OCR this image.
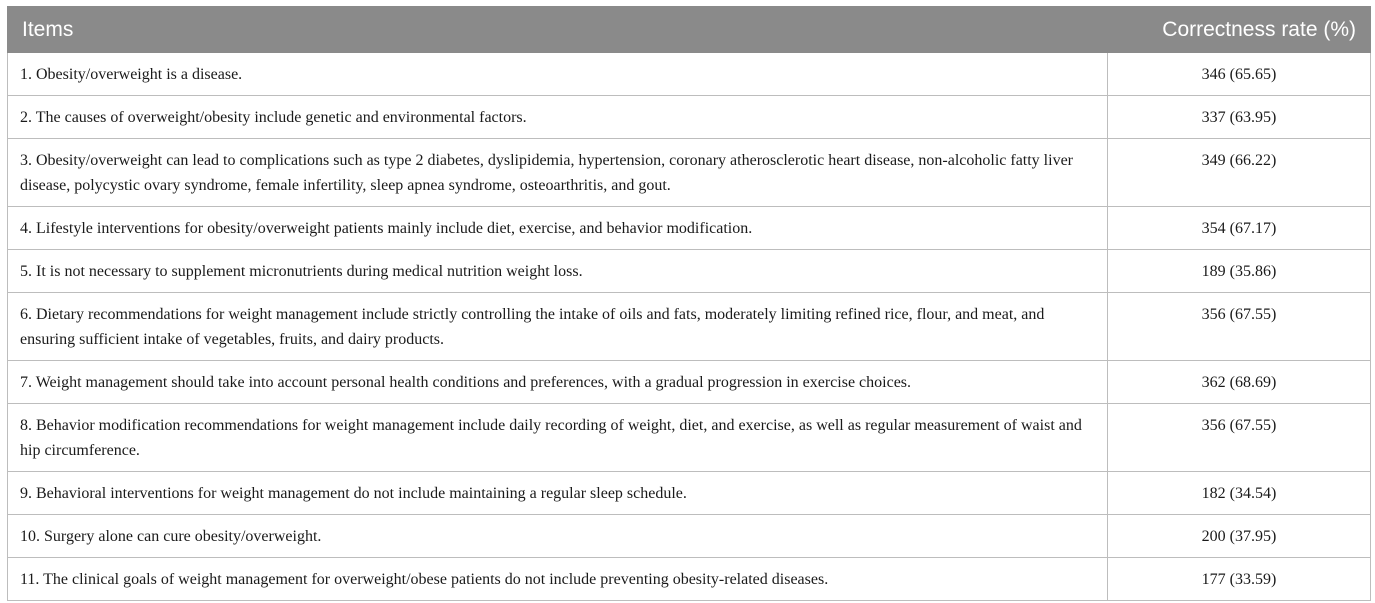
Items	Correctness rate (%)
1. Obesity/overweight is a disease.	346 (65.65)
2. The causes of overweight/obesity include genetic and environmental factors.	337 (63.95)
3. Obesity/overweight can lead to complications such as type 2 diabetes, dyslipidemia, hypertension, coronary atherosclerotic heart disease, non-alcoholic fatty liver disease, polycystic ovary syndrome, female infertility, sleep apnea syndrome, osteoarthritis, and gout.	349 (66.22)
4. Lifestyle interventions for obesity/overweight patients mainly include diet, exercise, and behavior modification.	354 (67.17)
5. It is not necessary to supplement micronutrients during medical nutrition weight loss.	189 (35.86)
6. Dietary recommendations for weight management include strictly controlling the intake of oils and fats, moderately limiting refined rice, flour, and meat, and ensuring sufficient intake of vegetables, fruits, and dairy products.	356 (67.55)
7. Weight management should take into account personal health conditions and preferences, with a gradual progression in exercise choices.	362 (68.69)
8. Behavior modification recommendations for weight management include daily recording of weight, diet, and exercise, as well as regular measurement of waist and hip circumference.	356 (67.55)
9. Behavioral interventions for weight management do not include maintaining a regular sleep schedule.	182 (34.54)
10. Surgery alone can cure obesity/overweight.	200 (37.95)
11. The clinical goals of weight management for overweight/obese patients do not include preventing obesity-related diseases.	177 (33.59)
